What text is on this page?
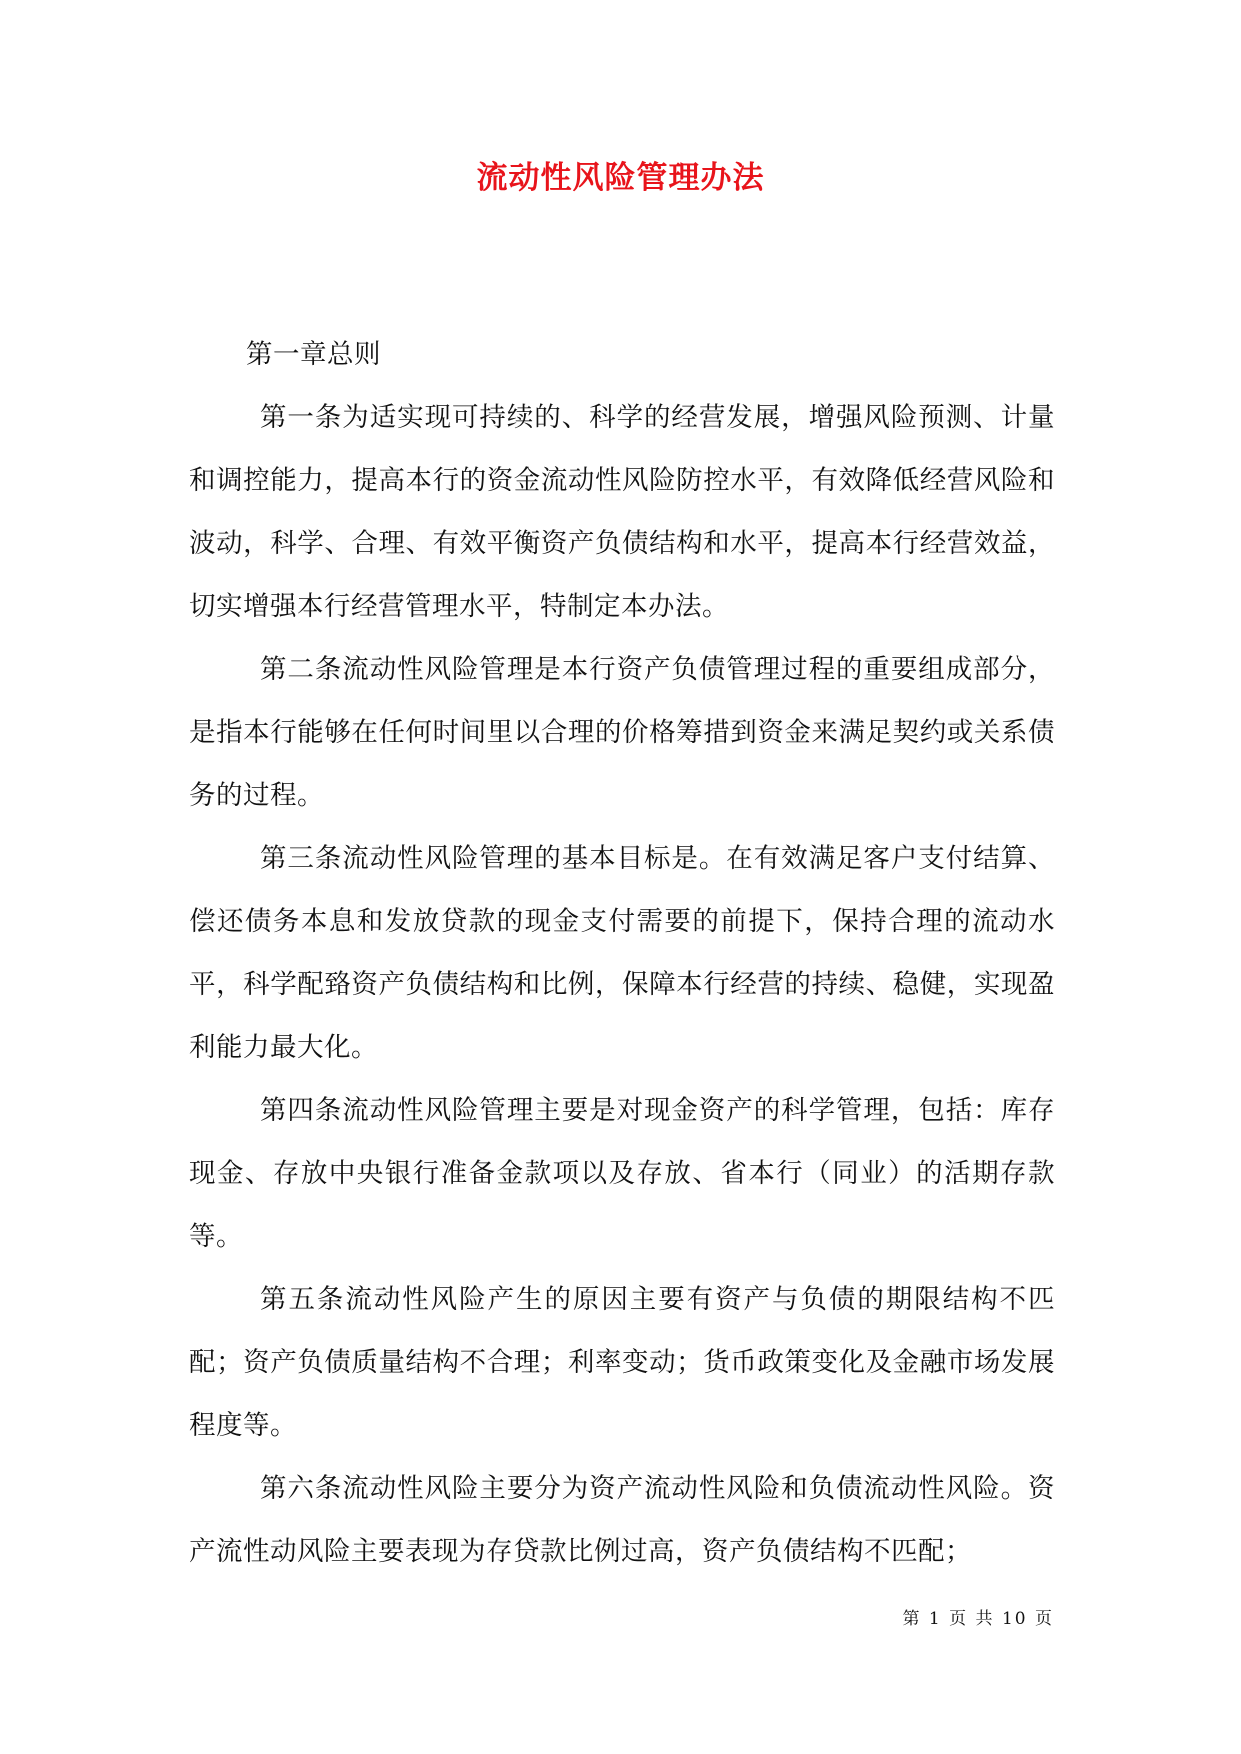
流动性风险管理办法

第一章总则

第一条为适实现可持续的、科学的经营发展，增强风险预测、计量和调控能力，提高本行的资金流动性风险防控水平，有效降低经营风险和波动，科学、合理、有效平衡资产负债结构和水平，提高本行经营效益，切实增强本行经营管理水平，特制定本办法。

第二条流动性风险管理是本行资产负债管理过程的重要组成部分，是指本行能够在任何时间里以合理的价格筹措到资金来满足契约或关系债务的过程。

第三条流动性风险管理的基本目标是。在有效满足客户支付结算、偿还债务本息和发放贷款的现金支付需要的前提下，保持合理的流动水平，科学配臵资产负债结构和比例，保障本行经营的持续、稳健，实现盈利能力最大化。

第四条流动性风险管理主要是对现金资产的科学管理，包括：库存现金、存放中央银行准备金款项以及存放、省本行（同业）的活期存款等。

第五条流动性风险产生的原因主要有资产与负债的期限结构不匹配；资产负债质量结构不合理；利率变动；货币政策变化及金融市场发展程度等。

第六条流动性风险主要分为资产流动性风险和负债流动性风险。资产流性动风险主要表现为存贷款比例过高，资产负债结构不匹配；

第 1 页 共 10 页
